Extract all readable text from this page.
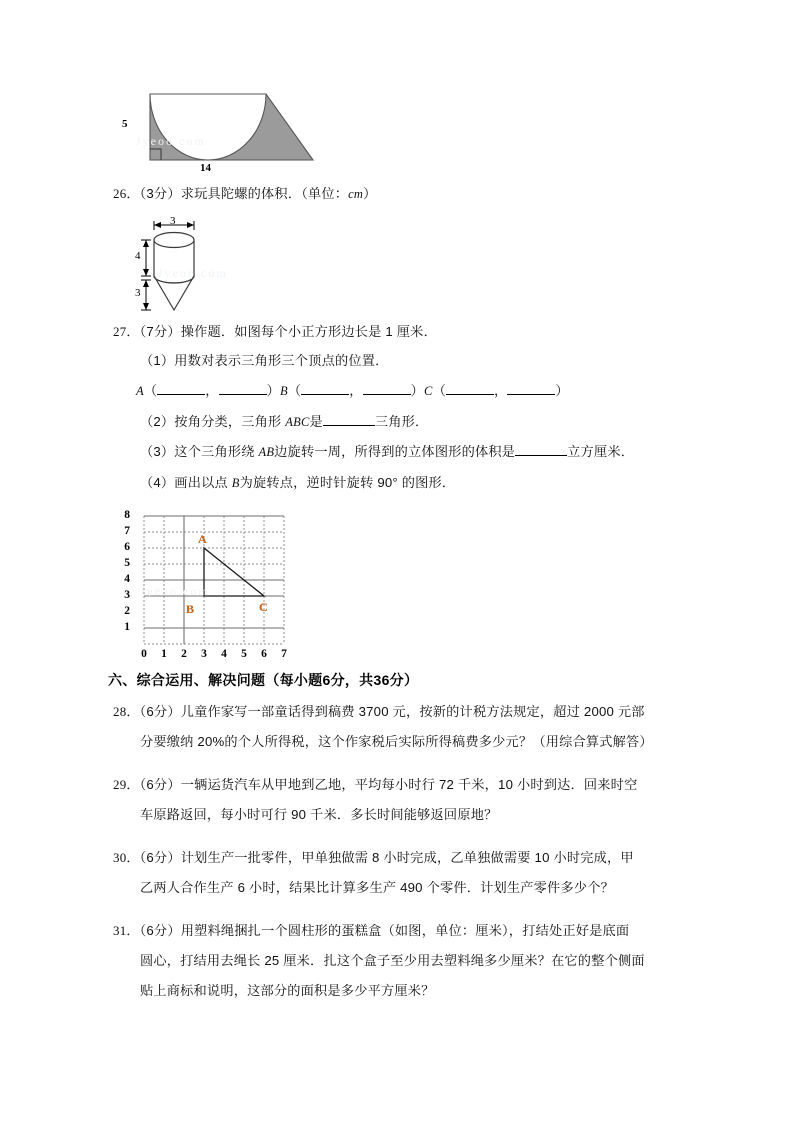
5
14
Jyeoo.com
26．（3分）求玩具陀螺的体积．（单位：cm）
3
4
3
Jyeoo.com
27．（7分）操作题．如图每个小正方形边长是 1 厘米．
（1）用数对表示三角形三个顶点的位置．
A（	，	）B（	，	）C（	，	）
（2）按角分类，三角形 ABC是	三角形．
（3）这个三角形绕 AB边旋转一周，所得到的立体图形的体积是	立方厘米．
（4）画出以点 B为旋转点，逆时针旋转 90° 的图形．
8
7
6
5
4
3
2
1
0 1 2 3 4 5 6 7
A
B	C
Jyeoo.com
六、综合运用、解决问题（每小题6分，共36分）
28．（6分）儿童作家写一部童话得到稿费 3700 元，按新的计税方法规定，超过 2000 元部
分要缴纳 20%的个人所得税，这个作家税后实际所得稿费多少元？（用综合算式解答）
29．（6分）一辆运货汽车从甲地到乙地，平均每小时行 72 千米，10 小时到达．回来时空
车原路返回，每小时可行 90 千米．多长时间能够返回原地？
30．（6分）计划生产一批零件，甲单独做需 8 小时完成，乙单独做需要 10 小时完成，甲
乙两人合作生产 6 小时，结果比计算多生产 490 个零件．计划生产零件多少个？
31．（6分）用塑料绳捆扎一个圆柱形的蛋糕盒（如图，单位：厘米），打结处正好是底面
圆心，打结用去绳长 25 厘米．扎这个盒子至少用去塑料绳多少厘米？在它的整个侧面
贴上商标和说明，这部分的面积是多少平方厘米？
